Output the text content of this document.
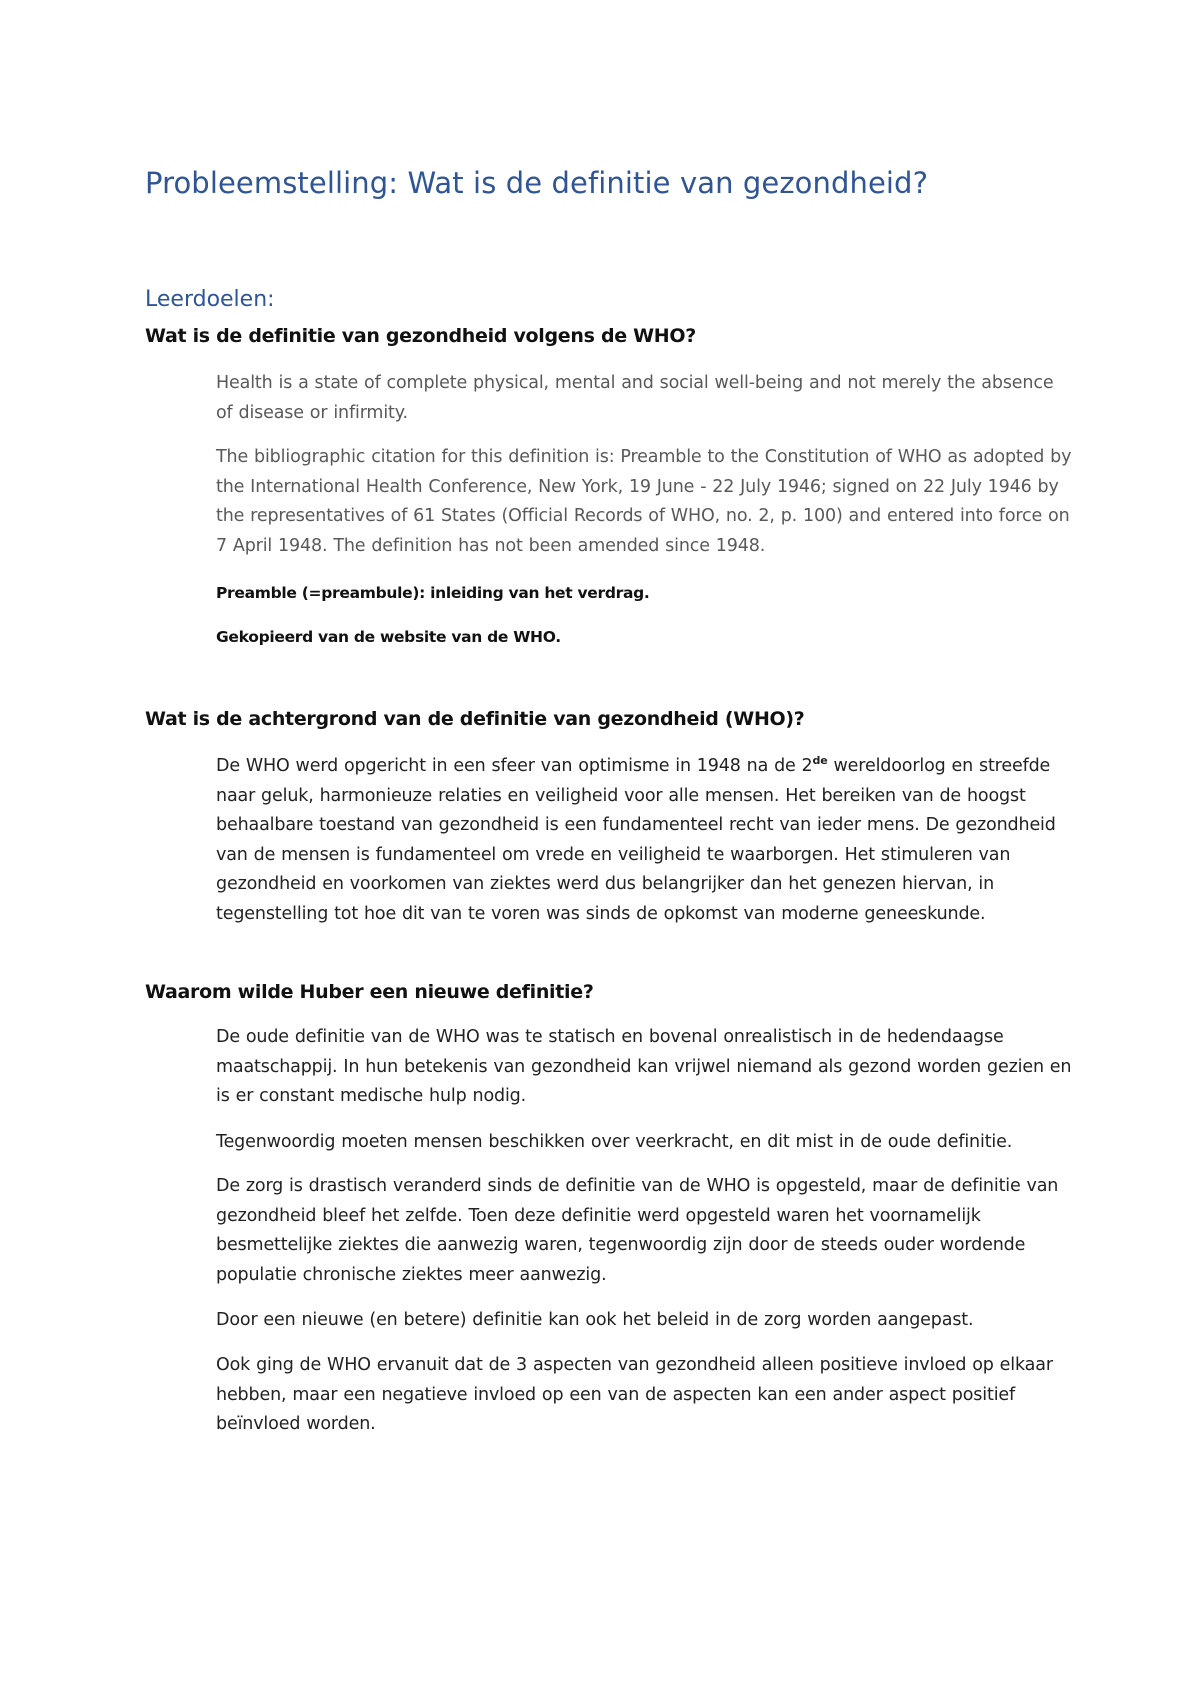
Probleemstelling: Wat is de definitie van gezondheid?
Leerdoelen:
Wat is de definitie van gezondheid volgens de WHO?

Health is a state of complete physical, mental and social well-being and not merely the absence of disease or infirmity.

The bibliographic citation for this definition is: Preamble to the Constitution of WHO as adopted by the International Health Conference, New York, 19 June - 22 July 1946; signed on 22 July 1946 by the representatives of 61 States (Official Records of WHO, no. 2, p. 100) and entered into force on 7 April 1948. The definition has not been amended since 1948.

Preamble (=preambule): inleiding van het verdrag.

Gekopieerd van de website van de WHO.

Wat is de achtergrond van de definitie van gezondheid (WHO)?

De WHO werd opgericht in een sfeer van optimisme in 1948 na de 2de wereldoorlog en streefde naar geluk, harmonieuze relaties en veiligheid voor alle mensen. Het bereiken van de hoogst behaalbare toestand van gezondheid is een fundamenteel recht van ieder mens. De gezondheid van de mensen is fundamenteel om vrede en veiligheid te waarborgen. Het stimuleren van gezondheid en voorkomen van ziektes werd dus belangrijker dan het genezen hiervan, in tegenstelling tot hoe dit van te voren was sinds de opkomst van moderne geneeskunde.

Waarom wilde Huber een nieuwe definitie?

De oude definitie van de WHO was te statisch en bovenal onrealistisch in de hedendaagse maatschappij. In hun betekenis van gezondheid kan vrijwel niemand als gezond worden gezien en is er constant medische hulp nodig.

Tegenwoordig moeten mensen beschikken over veerkracht, en dit mist in de oude definitie.

De zorg is drastisch veranderd sinds de definitie van de WHO is opgesteld, maar de definitie van gezondheid bleef het zelfde. Toen deze definitie werd opgesteld waren het voornamelijk besmettelijke ziektes die aanwezig waren, tegenwoordig zijn door de steeds ouder wordende populatie chronische ziektes meer aanwezig.

Door een nieuwe (en betere) definitie kan ook het beleid in de zorg worden aangepast.

Ook ging de WHO ervanuit dat de 3 aspecten van gezondheid alleen positieve invloed op elkaar hebben, maar een negatieve invloed op een van de aspecten kan een ander aspect positief beïnvloed worden.
